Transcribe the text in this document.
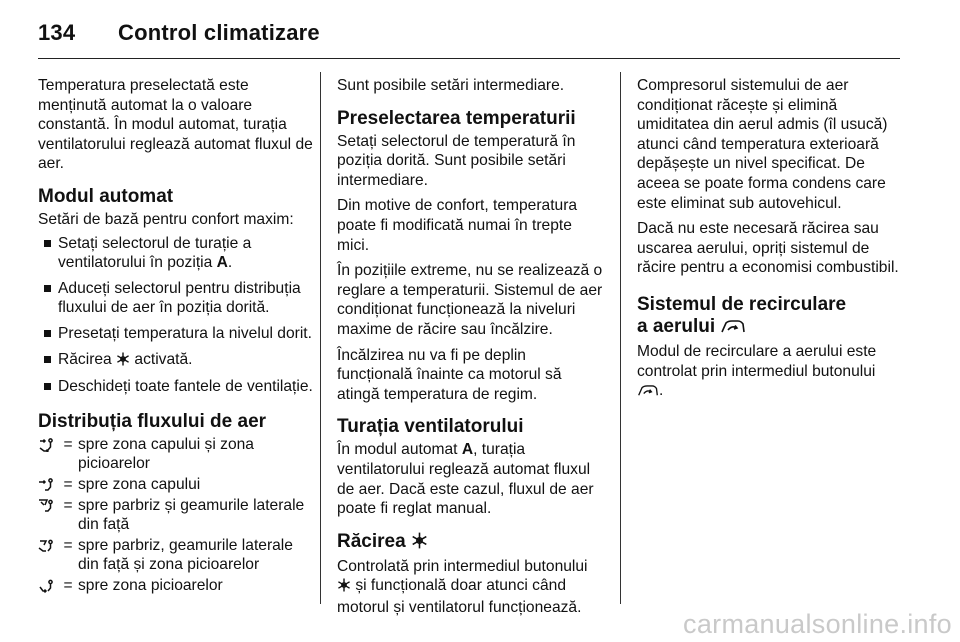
134 Control climatizare

Temperatura preselectată este menținută automat la o valoare constantă. În modul automat, turația ventilatorului reglează automat fluxul de aer.

Modul automat

Setări de bază pentru confort maxim:

Setați selectorul de turație a ventilatorului în poziția A.
Aduceți selectorul pentru distribuția fluxului de aer în poziția dorită.
Presetați temperatura la nivelul dorit.
Răcirea  activată.
Deschideți toate fantele de ventilație.
Distribuția fluxului de aer
= spre zona capului și zona picioarelor
= spre zona capului
= spre parbriz și geamurile laterale din față
= spre parbriz, geamurile laterale din față și zona picioarelor
= spre zona picioarelor

Sunt posibile setări intermediare.

Preselectarea temperaturii

Setați selectorul de temperatură în poziția dorită. Sunt posibile setări intermediare.

Din motive de confort, temperatura poate fi modificată numai în trepte mici.

În pozițiile extreme, nu se realizează o reglare a temperaturii. Sistemul de aer condiționat funcționează la niveluri maxime de răcire sau încălzire.

Încălzirea nu va fi pe deplin funcțională înainte ca motorul să atingă temperatura de regim.

Turația ventilatorului

În modul automat A, turația ventilatorului reglează automat fluxul de aer. Dacă este cazul, fluxul de aer poate fi reglat manual.

Răcirea

Controlată prin intermediul butonului
și funcțională doar atunci când motorul și ventilatorul funcționează.

Compresorul sistemului de aer condiționat răcește și elimină umiditatea din aerul admis (îl usucă) atunci când temperatura exterioară depășește un nivel specificat. De aceea se poate forma condens care este eliminat sub autovehicul.

Dacă nu este necesară răcirea sau uscarea aerului, opriți sistemul de răcire pentru a economisi combustibil.

Sistemul de recirculare
a aerului

Modul de recirculare a aerului este controlat prin intermediul butonului
.

carmanualsonline.info
